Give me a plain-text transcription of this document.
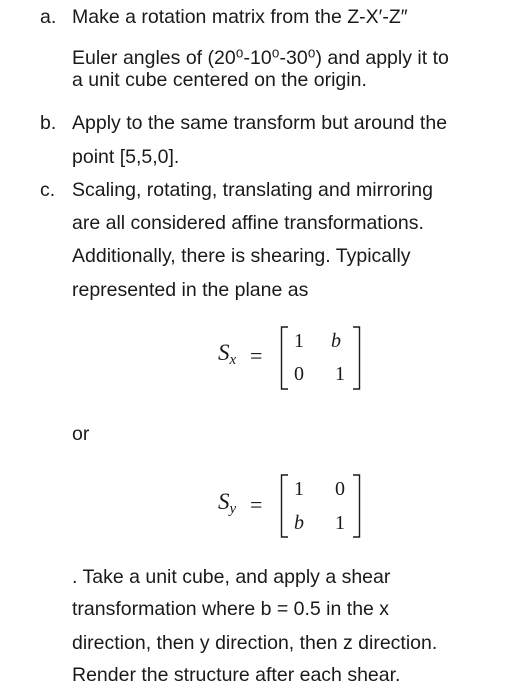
a. Make a rotation matrix from the Z-X′-Z″
Euler angles of (20⁰-10⁰-30⁰) and apply it to
a unit cube centered on the origin.
b. Apply to the same transform but around the
point [5,5,0].
c. Scaling, rotating, translating and mirroring
are all considered affine transformations.
Additionally, there is shearing. Typically
represented in the plane as
$S_x$ =
1 b
0 1
or
$S_y$ =
1 0
b 1
. Take a unit cube, and apply a shear
transformation where b = 0.5 in the x
direction, then y direction, then z direction.
Render the structure after each shear.
